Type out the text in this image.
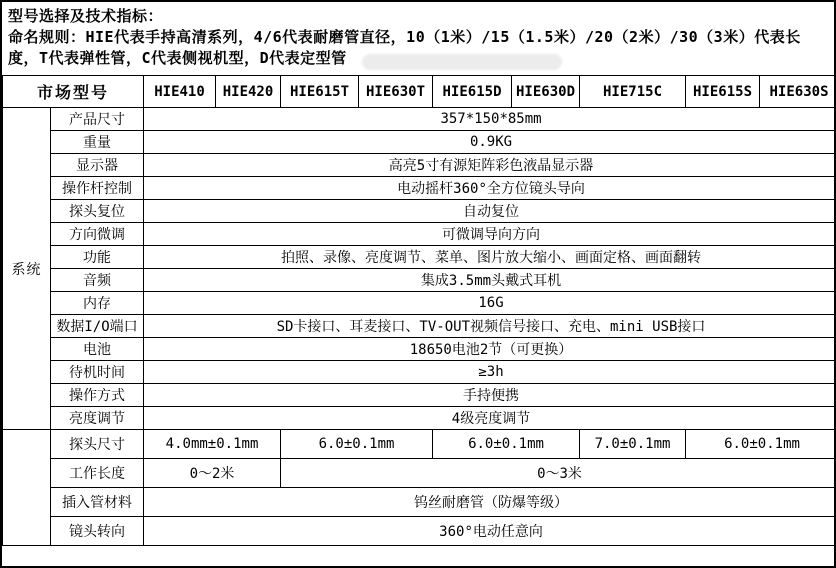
型号选择及技术指标：
命名规则：HIE代表手持高清系列，4/6代表耐磨管直径，10（1米）/15（1.5米）/20（2米）/30（3米）代表长
度，T代表弹性管，C代表侧视机型，D代表定型管
市场型号		HIE410	HIE420	HIE615T	HIE630T	HIE615D	HIE630D	HIE715C	HIE615S	HIE630S
系统	产品尺寸	357*150*85mm								
	重量	0.9KG								
	显示器	高亮5寸有源矩阵彩色液晶显示器								
	操作杆控制	电动摇杆360°全方位镜头导向								
	探头复位	自动复位								
	方向微调	可微调导向方向								
	功能	拍照、录像、亮度调节、菜单、图片放大缩小、画面定格、画面翻转								
	音频	集成3.5mm头戴式耳机								
	内存	16G								
	数据I/O端口	SD卡接口、耳麦接口、TV-OUT视频信号接口、充电、mini USB接口								
	电池	18650电池2节（可更换）								
	待机时间	≥3h								
	操作方式	手持便携								
	亮度调节	4级亮度调节								
	探头尺寸	4.0mm±0.1mm		6.0±0.1mm		6.0±0.1mm		7.0±0.1mm	6.0±0.1mm	
	工作长度	0～2米		0～3米						
	插入管材料	钨丝耐磨管（防爆等级）								
	镜头转向	360°电动任意向								
